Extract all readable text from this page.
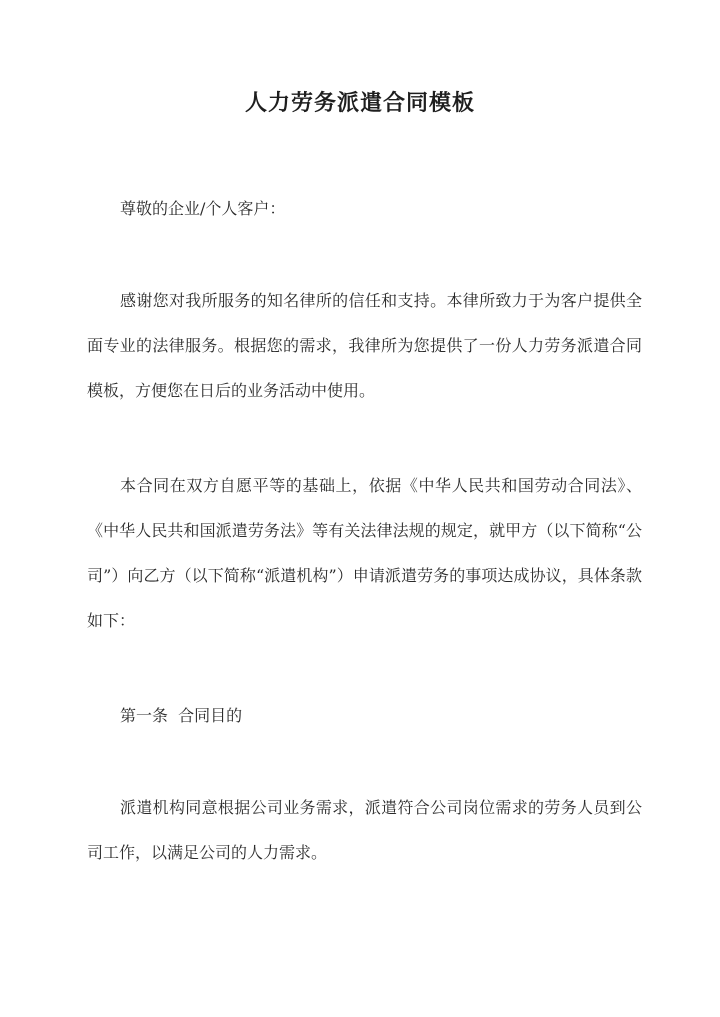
人力劳务派遣合同模板
尊敬的企业/个人客户：
感谢您对我所服务的知名律所的信任和支持。本律所致力于为客户提供全面专业的法律服务。根据您的需求，我律所为您提供了一份人力劳务派遣合同模板，方便您在日后的业务活动中使用。
本合同在双方自愿平等的基础上，依据《中华人民共和国劳动合同法》、《中华人民共和国派遣劳务法》等有关法律法规的规定，就甲方（以下简称“公司”）向乙方（以下简称“派遣机构”）申请派遣劳务的事项达成协议，具体条款如下：
第一条  合同目的
派遣机构同意根据公司业务需求，派遣符合公司岗位需求的劳务人员到公司工作，以满足公司的人力需求。
